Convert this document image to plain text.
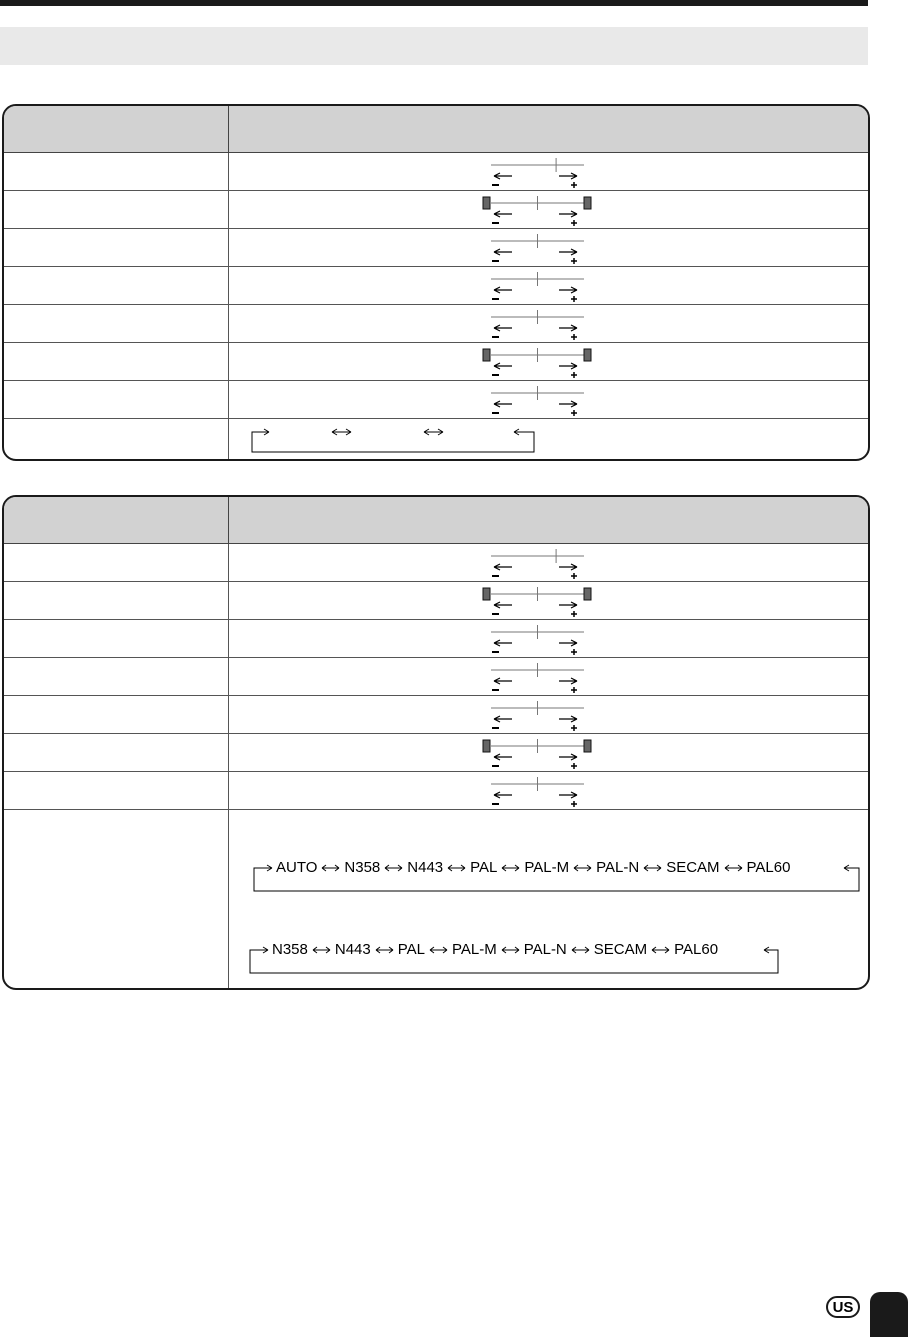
AUTO N358 N443 PAL PAL-M PAL-N SECAM PAL60
N358 N443 PAL PAL-M PAL-N SECAM PAL60
US
